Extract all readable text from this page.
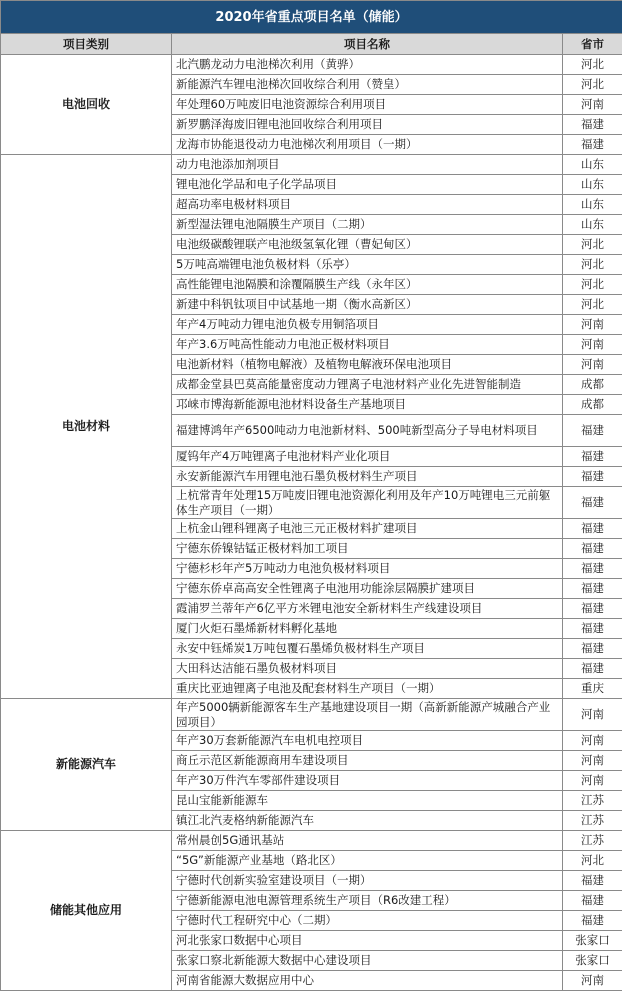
2020年省重点项目名单（储能）		
项目类别	项目名称	省市
电池回收	北汽鹏龙动力电池梯次利用（黄骅）	河北
	新能源汽车锂电池梯次回收综合利用（赞皇）	河北
	年处理60万吨废旧电池资源综合利用项目	河南
	新罗鹏泽海废旧锂电池回收综合利用项目	福建
	龙海市协能退役动力电池梯次利用项目（一期）	福建
电池材料	动力电池添加剂项目	山东
	锂电池化学品和电子化学品项目	山东
	超高功率电极材料项目	山东
	新型湿法锂电池隔膜生产项目（二期）	山东
	电池级碳酸锂联产电池级氢氧化锂（曹妃甸区）	河北
	5万吨高端锂电池负极材料（乐亭）	河北
	高性能锂电池隔膜和涂覆隔膜生产线（永年区）	河北
	新建中科钒钛项目中试基地一期（衡水高新区）	河北
	年产4万吨动力锂电池负极专用铜箔项目	河南
	年产3.6万吨高性能动力电池正极材料项目	河南
	电池新材料（植物电解液）及植物电解液环保电池项目	河南
	成都金堂县巴莫高能量密度动力锂离子电池材料产业化先进智能制造	成都
	邛崃市博海新能源电池材料设备生产基地项目	成都
	福建博鸿年产6500吨动力电池新材料、500吨新型高分子导电材料项目	福建
	厦钨年产4万吨锂离子电池材料产业化项目	福建
	永安新能源汽车用锂电池石墨负极材料生产项目	福建
	上杭常青年处理15万吨废旧锂电池资源化利用及年产10万吨锂电三元前躯体生产项目（一期）	福建
	上杭金山锂科锂离子电池三元正极材料扩建项目	福建
	宁德东侨镍钴锰正极材料加工项目	福建
	宁德杉杉年产5万吨动力电池负极材料项目	福建
	宁德东侨卓高高安全性锂离子电池用功能涂层隔膜扩建项目	福建
	霞浦罗兰蒂年产6亿平方米锂电池安全新材料生产线建设项目	福建
	厦门火炬石墨烯新材料孵化基地	福建
	永安中钰烯炭1万吨包覆石墨烯负极材料生产项目	福建
	大田科达洁能石墨负极材料项目	福建
	重庆比亚迪锂离子电池及配套材料生产项目（一期）	重庆
新能源汽车	年产5000辆新能源客车生产基地建设项目一期（高新新能源产城融合产业园项目）	河南
	年产30万套新能源汽车电机电控项目	河南
	商丘示范区新能源商用车建设项目	河南
	年产30万件汽车零部件建设项目	河南
	昆山宝能新能源车	江苏
	镇江北汽麦格纳新能源汽车	江苏
储能其他应用	常州晨创5G通讯基站	江苏
	“5G”新能源产业基地（路北区）	河北
	宁德时代创新实验室建设项目（一期）	福建
	宁德新能源电池电源管理系统生产项目（R6改建工程）	福建
	宁德时代工程研究中心（二期）	福建
	河北张家口数据中心项目	张家口
	张家口察北新能源大数据中心建设项目	张家口
	河南省能源大数据应用中心	河南
